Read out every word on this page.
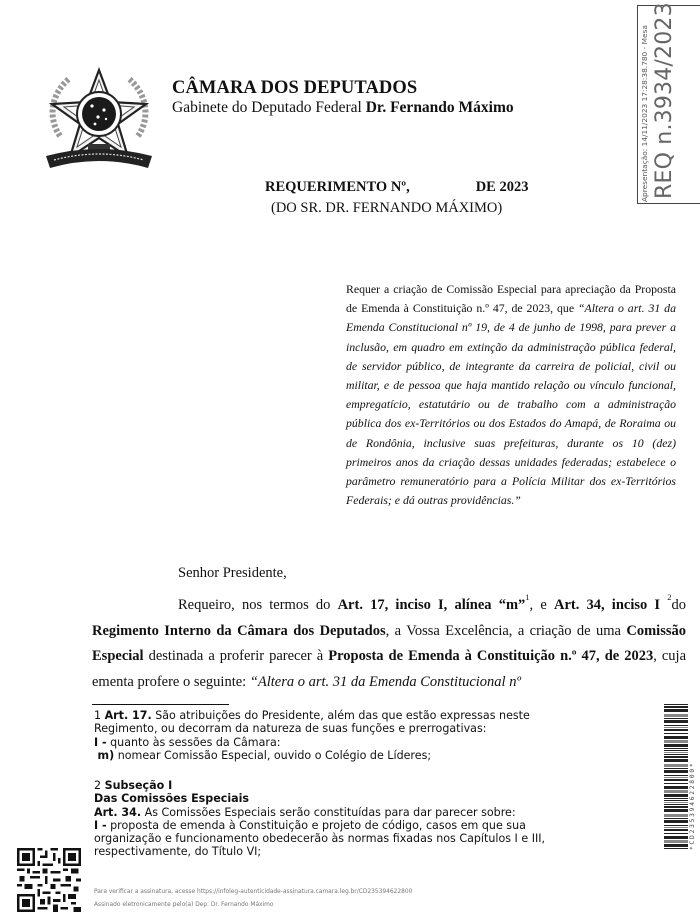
CÂMARA DOS DEPUTADOS
Gabinete do Deputado Federal Dr. Fernando Máximo	Apresentação: 14/11/2023 17:28:38.780 - Mesa REQ n.3934/2023
REQUERIMENTO Nº,	DE 2023
(DO SR. DR. FERNANDO MÁXIMO)
Requer a criação de Comissão Especial para apreciação da Proposta de Emenda à Constituição n.º 47, de 2023, que “Altera o art. 31 da Emenda Constitucional nº 19, de 4 de junho de 1998, para prever a inclusão, em quadro em extinção da administração pública federal, de servidor público, de integrante da carreira de policial, civil ou militar, e de pessoa que haja mantido relação ou vínculo funcional, empregatício, estatutário ou de trabalho com a administração pública dos ex-Territórios ou dos Estados do Amapá, de Roraima ou de Rondônia, inclusive suas prefeituras, durante os 10 (dez) primeiros anos da criação dessas unidades federadas; estabelece o parâmetro remuneratório para a Polícia Militar dos ex-Territórios Federais; e dá outras providências.”
Senhor Presidente,
Requeiro, nos termos do Art. 17, inciso I, alínea “m”$^1$, e Art. 34, inciso I $^2$do Regimento Interno da Câmara dos Deputados, a Vossa Excelência, a criação de uma Comissão Especial destinada a proferir parecer à Proposta de Emenda à Constituição n.º 47, de 2023, cuja ementa profere o seguinte: “Altera o art. 31 da Emenda Constitucional nº
1 Art. 17. São atribuições do Presidente, além das que estão expressas neste
Regimento, ou decorram da natureza de suas funções e prerrogativas:
I - quanto às sessões da Câmara:
m) nomear Comissão Especial, ouvido o Colégio de Líderes;
2 Subseção I
Das Comissões Especiais
Art. 34. As Comissões Especiais serão constituídas para dar parecer sobre:
I - proposta de emenda à Constituição e projeto de código, casos em que sua
organização e funcionamento obedecerão às normas fixadas nos Capítulos I e III,
respectivamente, do Título VI;
Para verificar a assinatura, acesse https://infoleg-autenticidade-assinatura.camara.leg.br/CD235394622800
Assinado eletronicamente pelo(a) Dep. Dr. Fernando Máximo
*CD235394622800*
